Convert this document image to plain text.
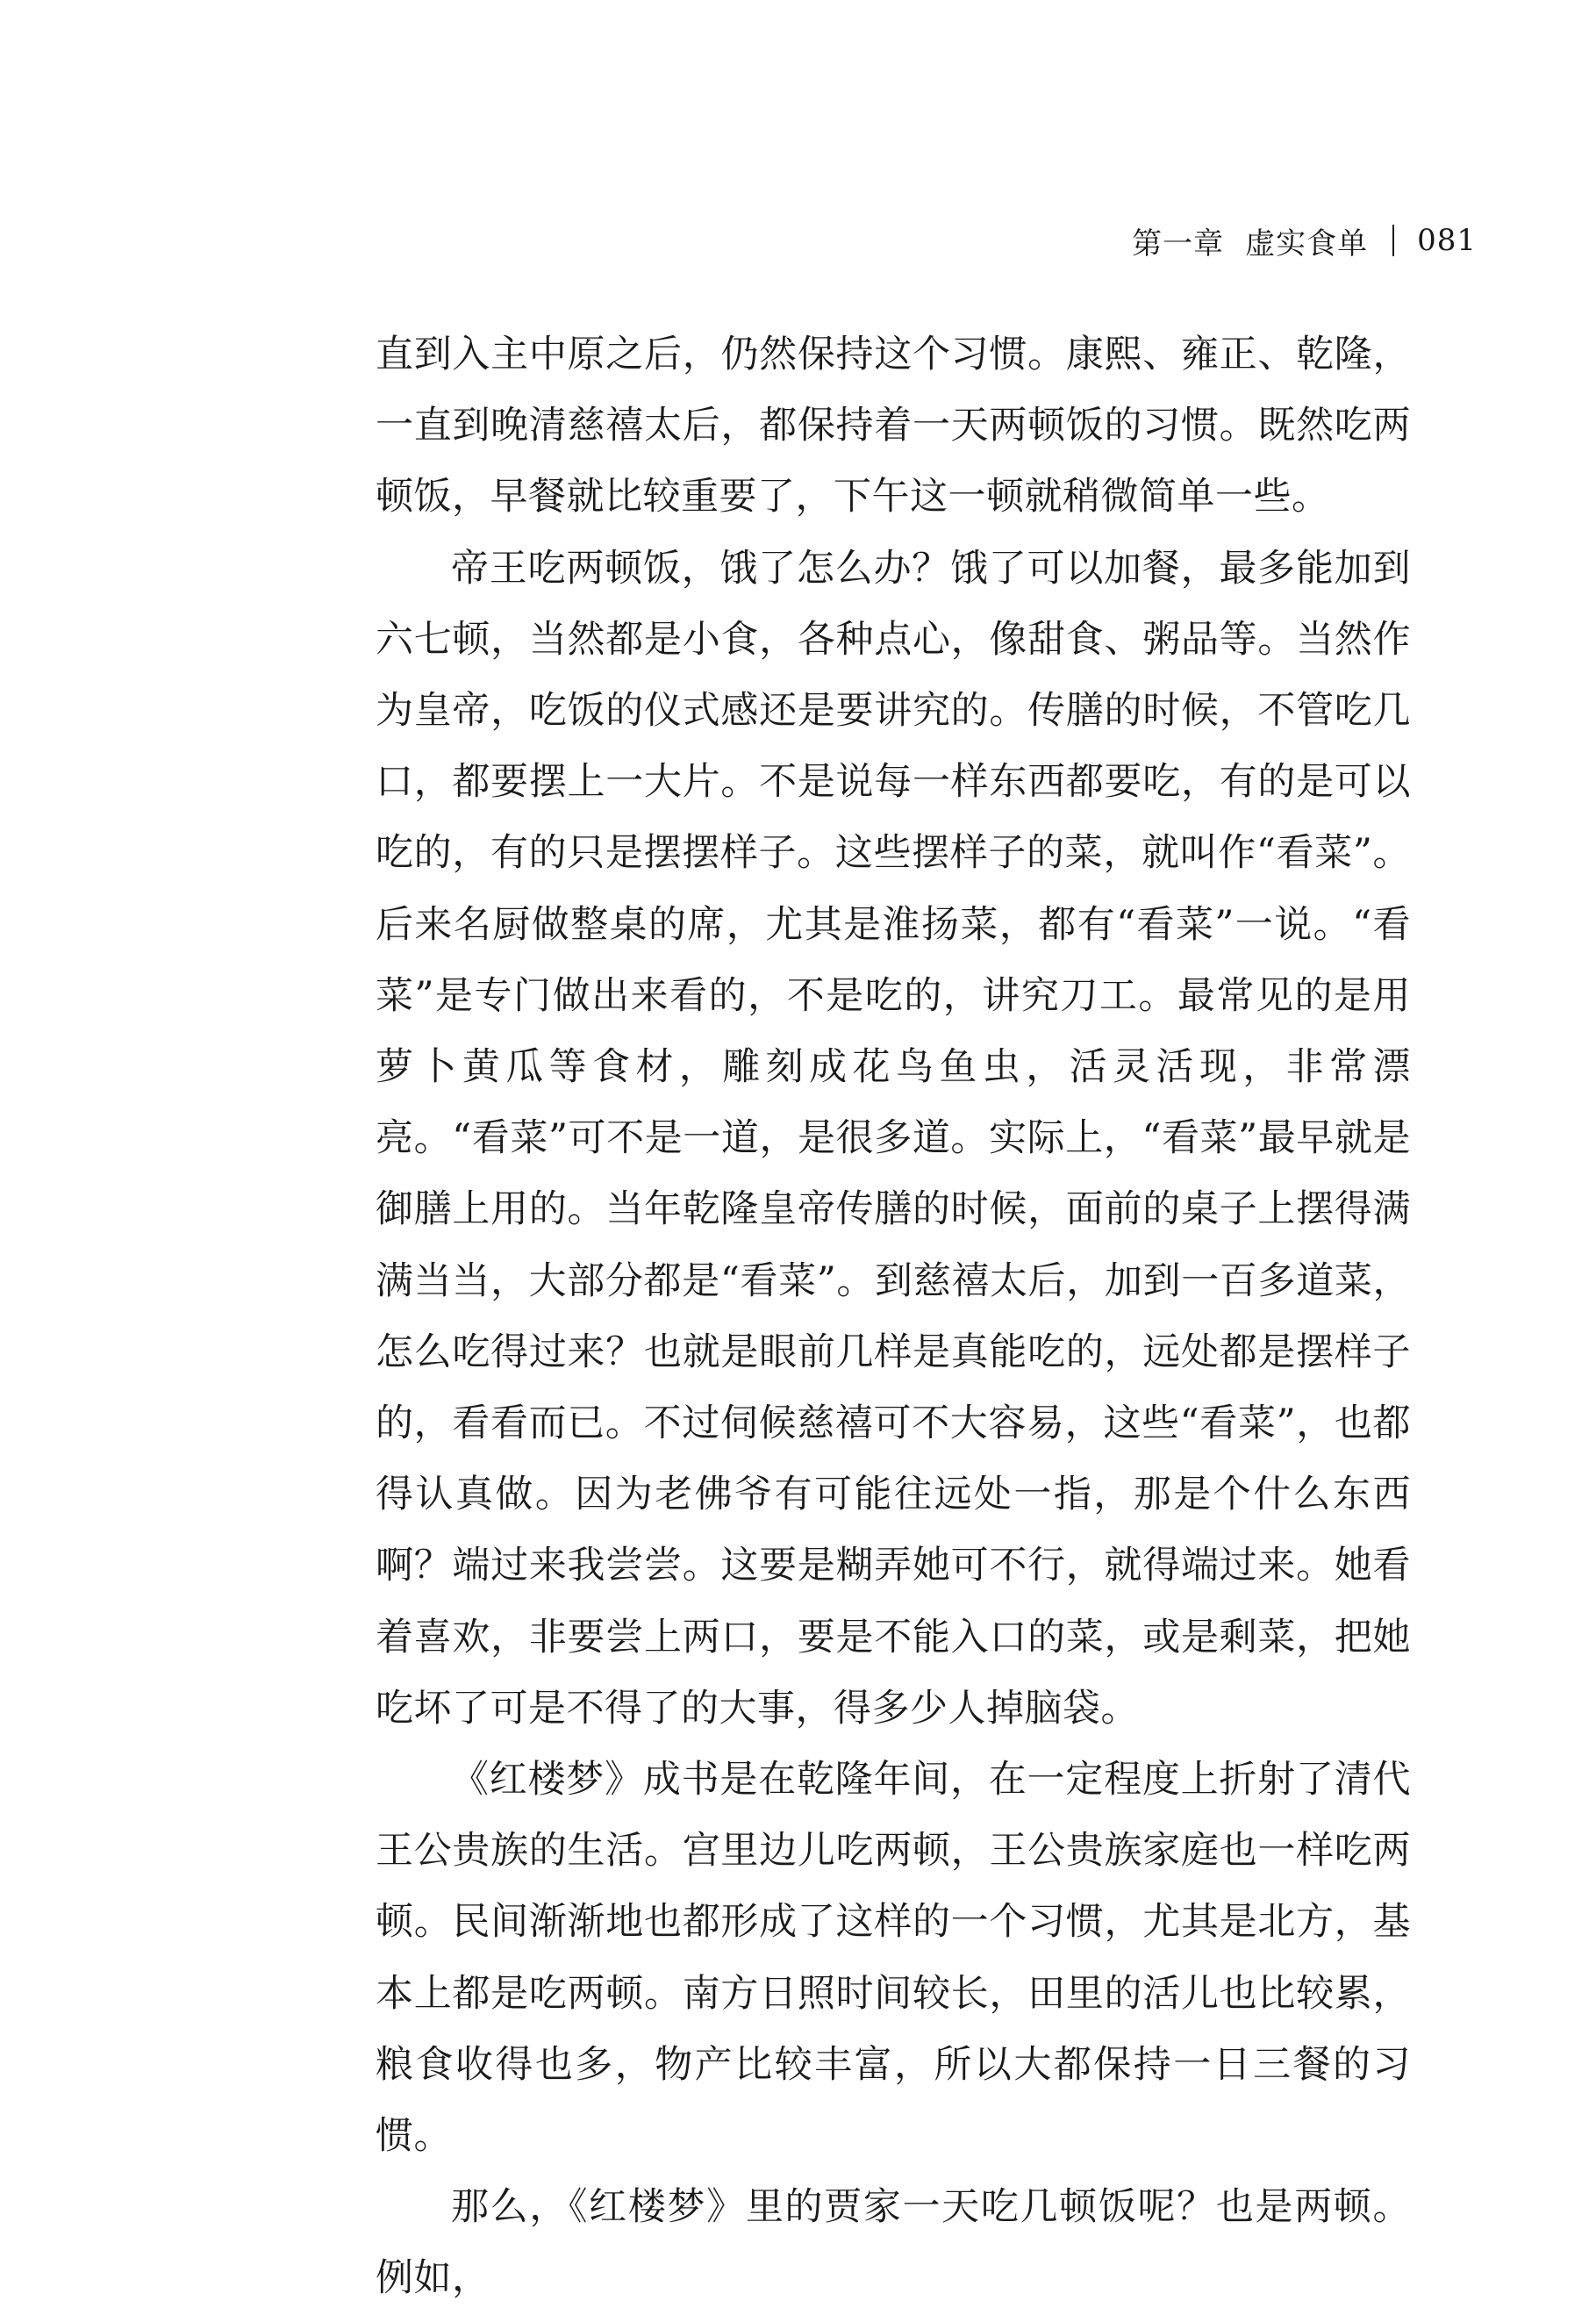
第一章 虚实食单 081

直到入主中原之后，仍然保持这个习惯。康熙、雍正、乾隆，一直到晚清慈禧太后，都保持着一天两顿饭的习惯。既然吃两顿饭，早餐就比较重要了，下午这一顿就稍微简单一些。

帝王吃两顿饭，饿了怎么办？饿了可以加餐，最多能加到六七顿，当然都是小食，各种点心，像甜食、粥品等。当然作为皇帝，吃饭的仪式感还是要讲究的。传膳的时候，不管吃几口，都要摆上一大片。不是说每一样东西都要吃，有的是可以吃的，有的只是摆摆样子。这些摆样子的菜，就叫作“看菜”。后来名厨做整桌的席，尤其是淮扬菜，都有“看菜”一说。“看菜”是专门做出来看的，不是吃的，讲究刀工。最常见的是用萝卜黄瓜等食材，雕刻成花鸟鱼虫，活灵活现，非常漂亮。“看菜”可不是一道，是很多道。实际上，“看菜”最早就是御膳上用的。当年乾隆皇帝传膳的时候，面前的桌子上摆得满满当当，大部分都是“看菜”。到慈禧太后，加到一百多道菜，怎么吃得过来？也就是眼前几样是真能吃的，远处都是摆样子的，看看而已。不过伺候慈禧可不大容易，这些“看菜”，也都得认真做。因为老佛爷有可能往远处一指，那是个什么东西啊？端过来我尝尝。这要是糊弄她可不行，就得端过来。她看着喜欢，非要尝上两口，要是不能入口的菜，或是剩菜，把她吃坏了可是不得了的大事，得多少人掉脑袋。

《红楼梦》成书是在乾隆年间，在一定程度上折射了清代王公贵族的生活。宫里边儿吃两顿，王公贵族家庭也一样吃两顿。民间渐渐地也都形成了这样的一个习惯，尤其是北方，基本上都是吃两顿。南方日照时间较长，田里的活儿也比较累，粮食收得也多，物产比较丰富，所以大都保持一日三餐的习惯。

那么，《红楼梦》里的贾家一天吃几顿饭呢？也是两顿。例如，
